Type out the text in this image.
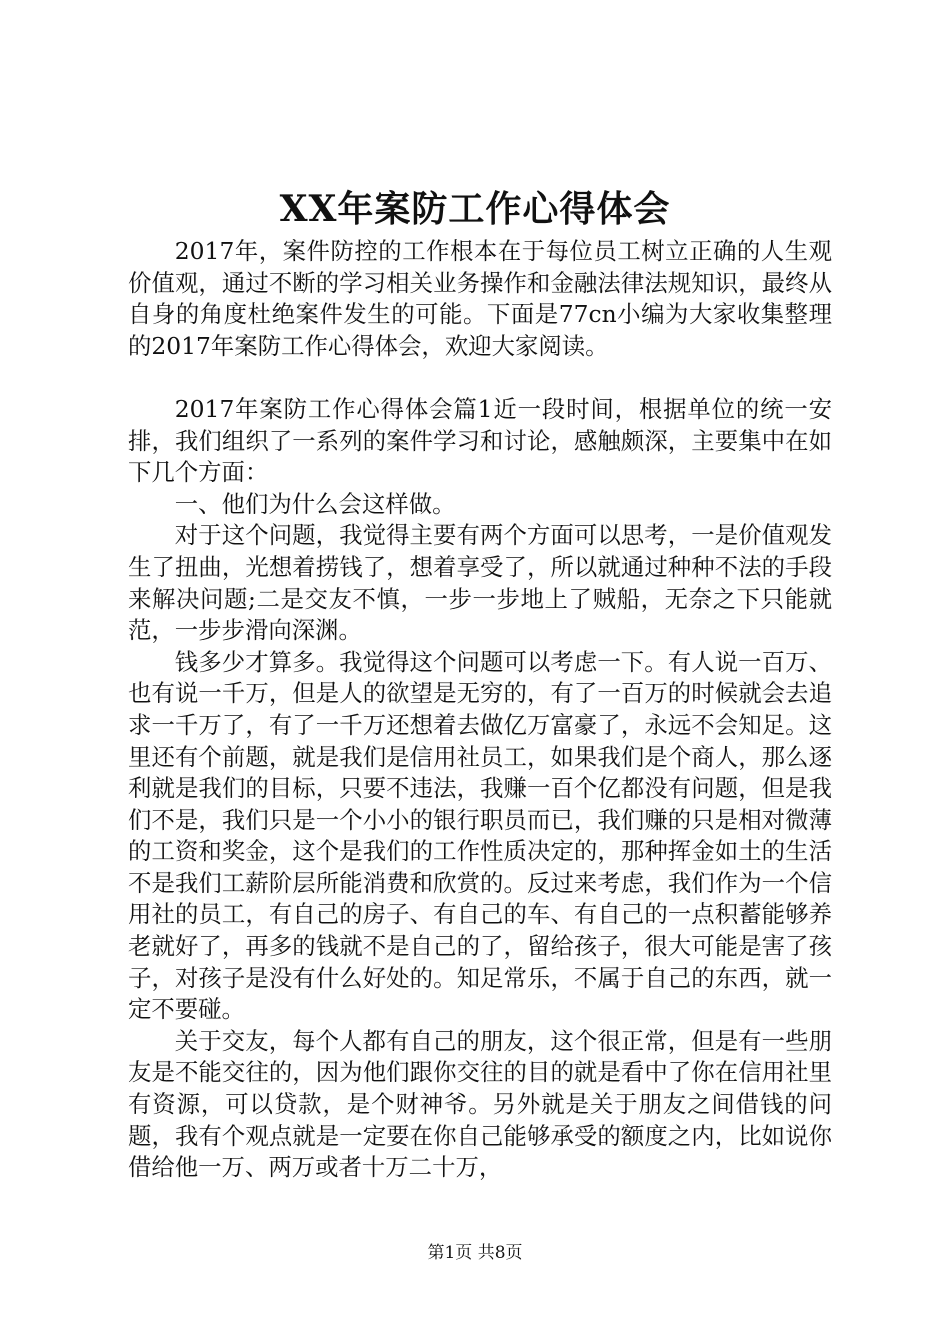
XX年案防工作心得体会

2017年，案件防控的工作根本在于每位员工树立正确的人生观价值观，通过不断的学习相关业务操作和金融法律法规知识，最终从自身的角度杜绝案件发生的可能。下面是77cn小编为大家收集整理的2017年案防工作心得体会，欢迎大家阅读。

2017年案防工作心得体会篇1近一段时间，根据单位的统一安排，我们组织了一系列的案件学习和讨论，感触颇深，主要集中在如下几个方面：

一、他们为什么会这样做。

对于这个问题，我觉得主要有两个方面可以思考，一是价值观发生了扭曲，光想着捞钱了，想着享受了，所以就通过种种不法的手段来解决问题;二是交友不慎，一步一步地上了贼船，无奈之下只能就范，一步步滑向深渊。

钱多少才算多。我觉得这个问题可以考虑一下。有人说一百万、也有说一千万，但是人的欲望是无穷的，有了一百万的时候就会去追求一千万了，有了一千万还想着去做亿万富豪了，永远不会知足。这里还有个前题，就是我们是信用社员工，如果我们是个商人，那么逐利就是我们的目标，只要不违法，我赚一百个亿都没有问题，但是我们不是，我们只是一个小小的银行职员而已，我们赚的只是相对微薄的工资和奖金，这个是我们的工作性质决定的，那种挥金如土的生活不是我们工薪阶层所能消费和欣赏的。反过来考虑，我们作为一个信用社的员工，有自己的房子、有自己的车、有自己的一点积蓄能够养老就好了，再多的钱就不是自己的了，留给孩子，很大可能是害了孩子，对孩子是没有什么好处的。知足常乐，不属于自己的东西，就一定不要碰。

关于交友，每个人都有自己的朋友，这个很正常，但是有一些朋友是不能交往的，因为他们跟你交往的目的就是看中了你在信用社里有资源，可以贷款，是个财神爷。另外就是关于朋友之间借钱的问题，我有个观点就是一定要在你自己能够承受的额度之内，比如说你借给他一万、两万或者十万二十万，

第1页 共8页
